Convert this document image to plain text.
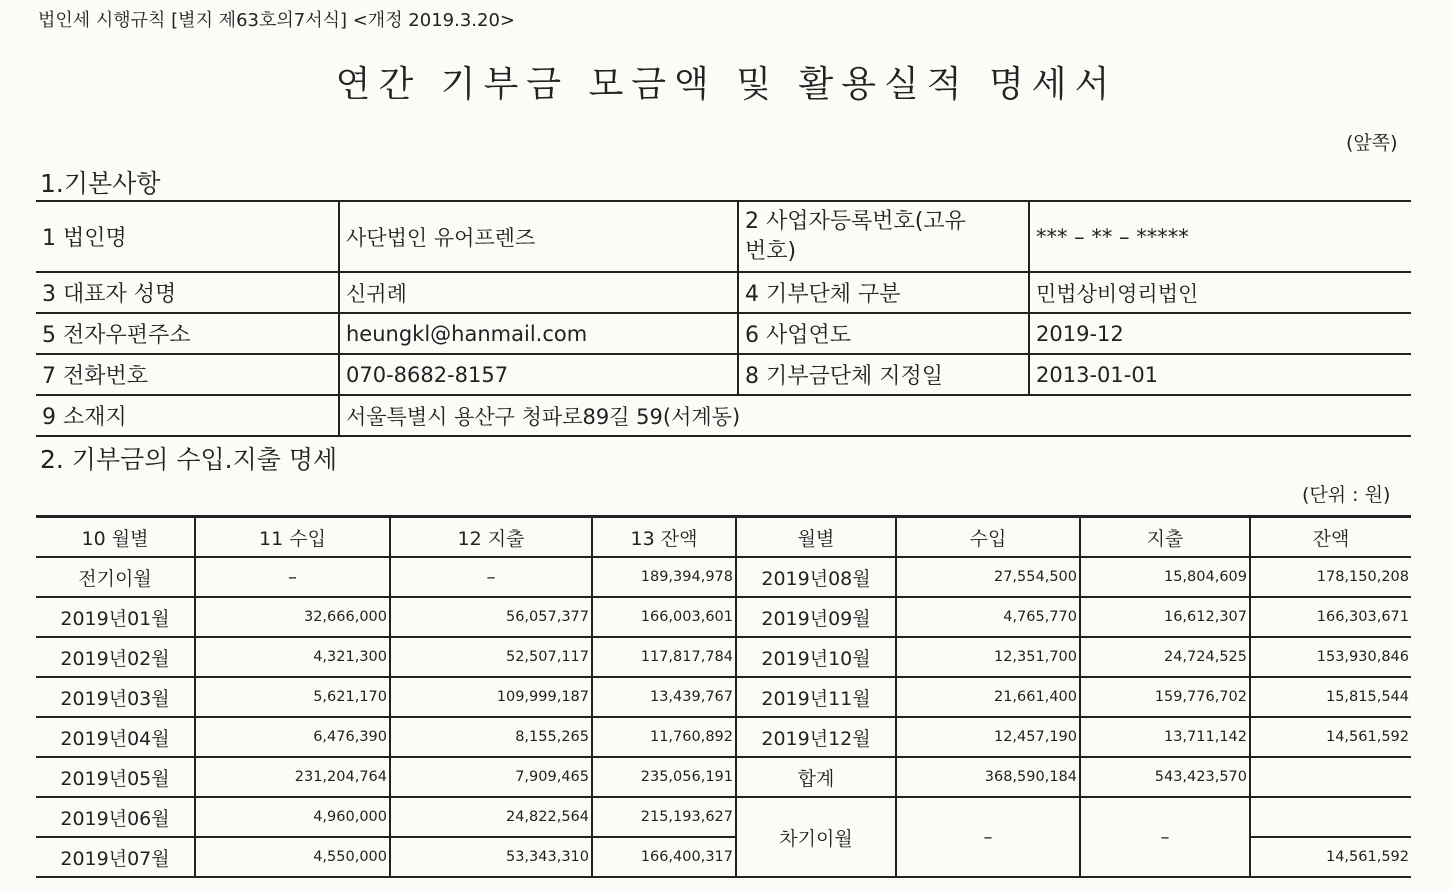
법인세 시행규칙 [별지 제63호의7서식] <개정 2019.3.20>
연간 기부금 모금액 및 활용실적 명세서
(앞쪽)
1.기본사항
1 법인명	사단법인 유어프렌즈	2 사업자등록번호(고유
번호)	*** – ** – *****
3 대표자 성명	신귀례	4 기부단체 구분	민법상비영리법인
5 전자우편주소	heungkl@hanmail.com	6 사업연도	2019-12
7 전화번호	070-8682-8157	8 기부금단체 지정일	2013-01-01
9 소재지	서울특별시 용산구 청파로89길 59(서계동)		
2. 기부금의 수입.지출 명세
(단위 : 원)
10 월별	11 수입	12 지출	13 잔액	월별	수입	지출	잔액
전기이월	–	–	189,394,978	2019년08월	27,554,500	15,804,609	178,150,208
2019년01월	32,666,000	56,057,377	166,003,601	2019년09월	4,765,770	16,612,307	166,303,671
2019년02월	4,321,300	52,507,117	117,817,784	2019년10월	12,351,700	24,724,525	153,930,846
2019년03월	5,621,170	109,999,187	13,439,767	2019년11월	21,661,400	159,776,702	15,815,544
2019년04월	6,476,390	8,155,265	11,760,892	2019년12월	12,457,190	13,711,142	14,561,592
2019년05월	231,204,764	7,909,465	235,056,191	합계	368,590,184	543,423,570	
2019년06월	4,960,000	24,822,564	215,193,627	차기이월	–	–	
2019년07월	4,550,000	53,343,310	166,400,317				14,561,592
